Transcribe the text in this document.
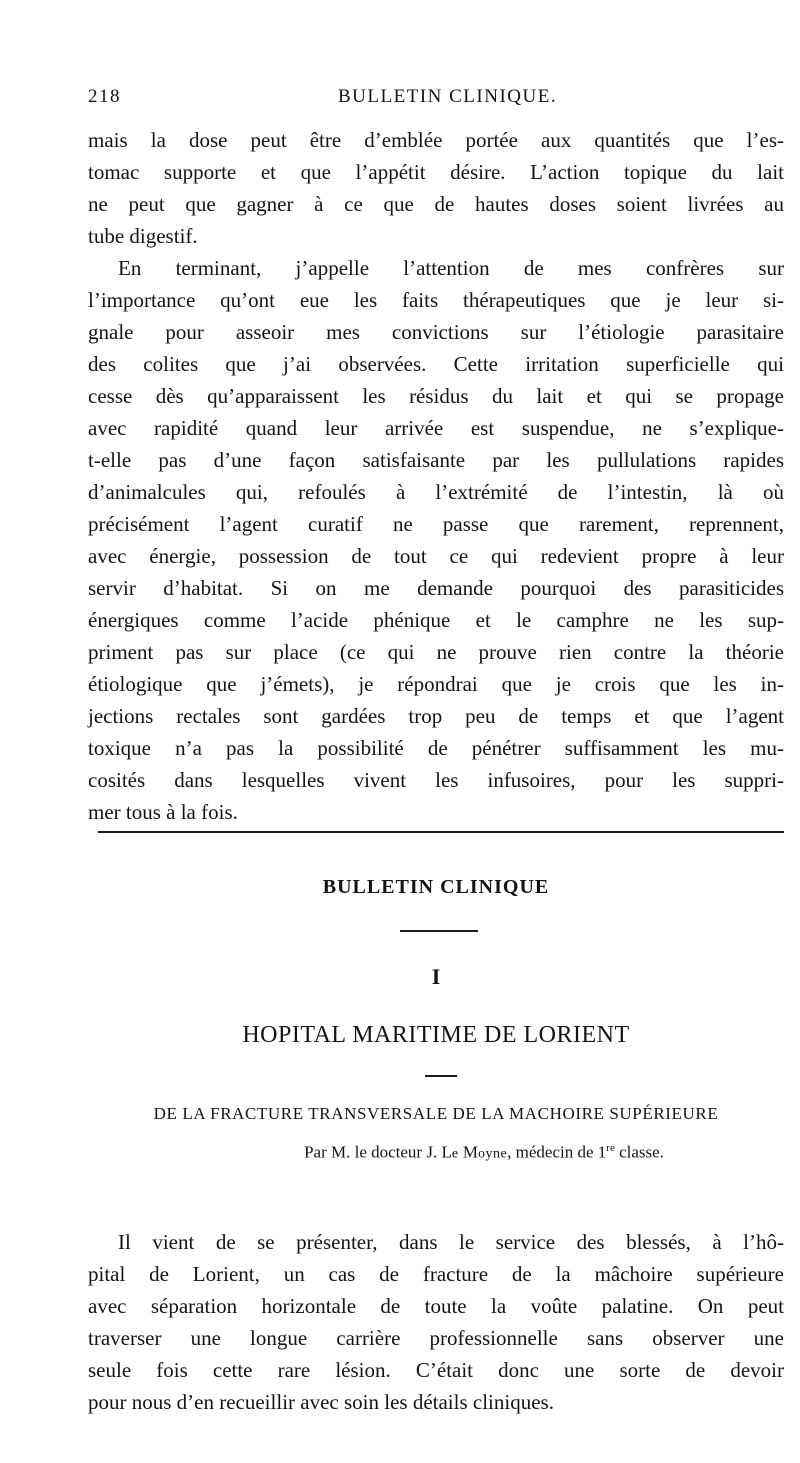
218	BULLETIN CLINIQUE.

mais la dose peut être d’emblée portée aux quantités que l’es-
tomac supporte et que l’appétit désire. L’action topique du lait
ne peut que gagner à ce que de hautes doses soient livrées au
tube digestif.

En terminant, j’appelle l’attention de mes confrères sur
l’importance qu’ont eue les faits thérapeutiques que je leur si-
gnale pour asseoir mes convictions sur l’étiologie parasitaire
des colites que j’ai observées. Cette irritation superficielle qui
cesse dès qu’apparaissent les résidus du lait et qui se propage
avec rapidité quand leur arrivée est suspendue, ne s’explique-
t-elle pas d’une façon satisfaisante par les pullulations rapides
d’animalcules qui, refoulés à l’extrémité de l’intestin, là où
précisément l’agent curatif ne passe que rarement, reprennent,
avec énergie, possession de tout ce qui redevient propre à leur
servir d’habitat. Si on me demande pourquoi des parasiticides
énergiques comme l’acide phénique et le camphre ne les sup-
priment pas sur place (ce qui ne prouve rien contre la théorie
étiologique que j’émets), je répondrai que je crois que les in-
jections rectales sont gardées trop peu de temps et que l’agent
toxique n’a pas la possibilité de pénétrer suffisamment les mu-
cosités dans lesquelles vivent les infusoires, pour les suppri-
mer tous à la fois.

BULLETIN CLINIQUE

I

HOPITAL MARITIME DE LORIENT

DE LA FRACTURE TRANSVERSALE DE LA MACHOIRE SUPÉRIEURE

Par M. le docteur J. Le Moyne, médecin de 1re classe.

Il vient de se présenter, dans le service des blessés, à l’hô-
pital de Lorient, un cas de fracture de la mâchoire supérieure
avec séparation horizontale de toute la voûte palatine. On peut
traverser une longue carrière professionnelle sans observer une
seule fois cette rare lésion. C’était donc une sorte de devoir
pour nous d’en recueillir avec soin les détails cliniques.
